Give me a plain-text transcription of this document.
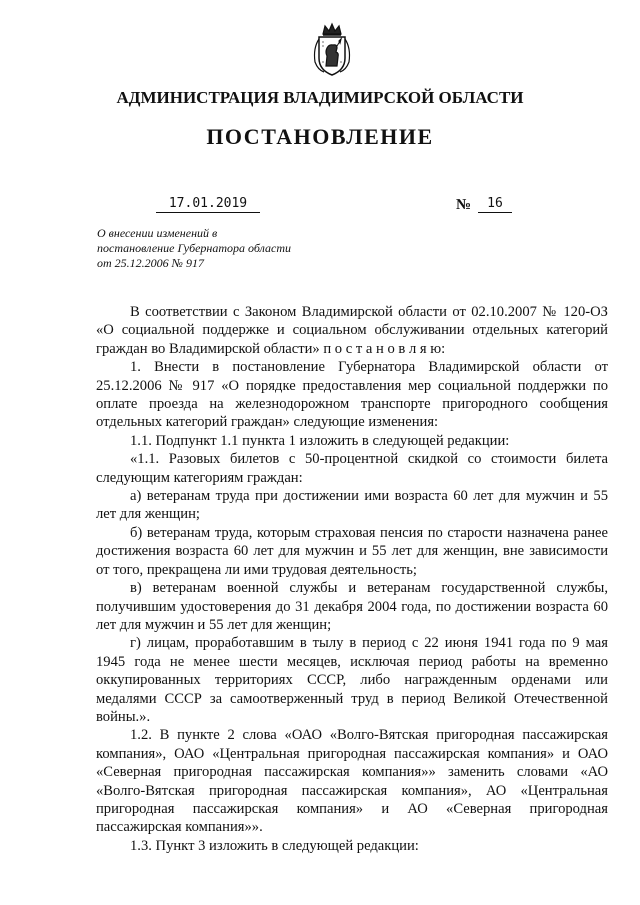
АДМИНИСТРАЦИЯ ВЛАДИМИРСКОЙ ОБЛАСТИ
ПОСТАНОВЛЕНИЕ
17.01.2019	№	16
О внесении изменений в
постановление Губернатора области
от 25.12.2006 № 917

В соответствии с Законом Владимирской области от 02.10.2007 № 120-ОЗ «О социальной поддержке и социальном обслуживании отдельных категорий граждан во Владимирской области» п о с т а н о в л я ю:

1. Внести в постановление Губернатора Владимирской области от 25.12.2006 № 917 «О порядке предоставления мер социальной поддержки по оплате проезда на железнодорожном транспорте пригородного сообщения отдельных категорий граждан» следующие изменения:

1.1. Подпункт 1.1 пункта 1 изложить в следующей редакции:

«1.1. Разовых билетов с 50-процентной скидкой со стоимости билета следующим категориям граждан:

а) ветеранам труда при достижении ими возраста 60 лет для мужчин и 55 лет для женщин;

б) ветеранам труда, которым страховая пенсия по старости назначена ранее достижения возраста 60 лет для мужчин и 55 лет для женщин, вне зависимости от того, прекращена ли ими трудовая деятельность;

в) ветеранам военной службы и ветеранам государственной службы, получившим удостоверения до 31 декабря 2004 года, по достижении возраста 60 лет для мужчин и 55 лет для женщин;

г) лицам, проработавшим в тылу в период с 22 июня 1941 года по 9 мая 1945 года не менее шести месяцев, исключая период работы на временно оккупированных территориях СССР, либо награжденным орденами или медалями СССР за самоотверженный труд в период Великой Отечественной войны.».

1.2. В пункте 2 слова «ОАО «Волго-Вятская пригородная пассажирская компания», ОАО «Центральная пригородная пассажирская компания» и ОАО «Северная пригородная пассажирская компания»» заменить словами «АО «Волго-Вятская пригородная пассажирская компания», АО «Центральная пригородная пассажирская компания» и АО «Северная пригородная пассажирская компания»».

1.3. Пункт 3 изложить в следующей редакции:
